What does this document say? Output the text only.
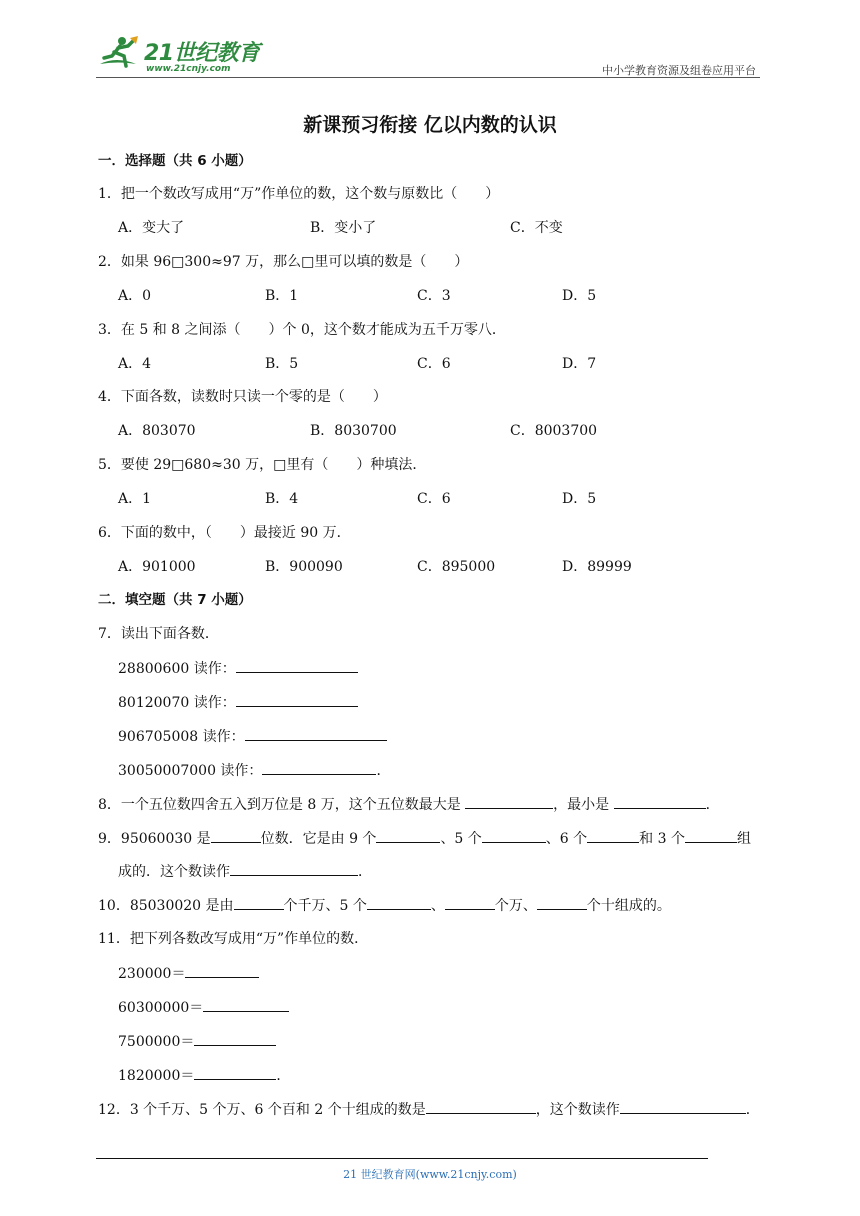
21世纪教育
www.21cnjy.com	中小学教育资源及组卷应用平台
新课预习衔接 亿以内数的认识
一．选择题（共 6 小题）
1．把一个数改写成用“万”作单位的数，这个数与原数比（　　）
A．变大了	B．变小了	C．不变
2．如果 96□300≈97 万，那么□里可以填的数是（　　）
A．0	B．1	C．3	D．5
3．在 5 和 8 之间添（　　）个 0，这个数才能成为五千万零八．
A．4	B．5	C．6	D．7
4．下面各数，读数时只读一个零的是（　　）
A．803070	B．8030700	C．8003700
5．要使 29□680≈30 万，□里有（　　）种填法．
A．1	B．4	C．6	D．5
6．下面的数中，（　　）最接近 90 万．
A．901000	B．900090	C．895000	D．89999
二．填空题（共 7 小题）
7．读出下面各数．
28800600 读作：
80120070 读作：
906705008 读作：
30050007000 读作：	．
8．一个五位数四舍五入到万位是 8 万，这个五位数最大是	，最小是	．
9．95060030 是	位数．它是由 9 个	、5 个	、6 个	和 3 个	组
成的．这个数读作	．
10．85030020 是由	个千万、5 个	、	个万、	个十组成的。
11．把下列各数改写成用“万”作单位的数．
230000＝
60300000＝
7500000＝
1820000＝	．
12．3 个千万、5 个万、6 个百和 2 个十组成的数是	，这个数读作	．
21 世纪教育网(www.21cnjy.com)
